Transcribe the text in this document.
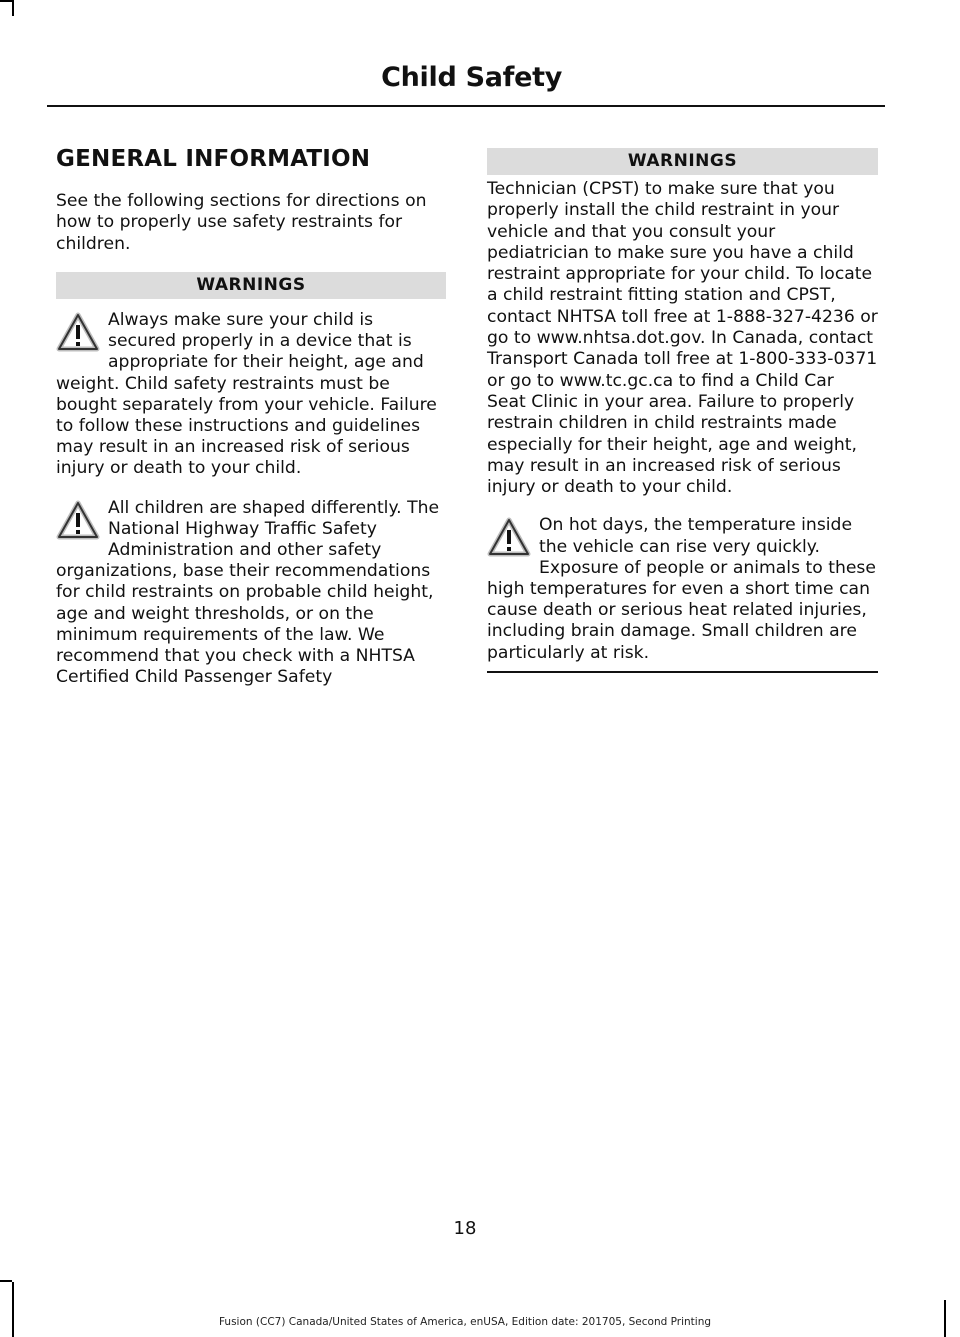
Child Safety
GENERAL INFORMATION

See the following sections for directions on how to properly use safety restraints for children.

WARNINGS
Always make sure your child is secured properly in a device that is appropriate for their height, age and weight. Child safety restraints must be bought separately from your vehicle. Failure to follow these instructions and guidelines may result in an increased risk of serious injury or death to your child.
All children are shaped differently. The National Highway Traffic Safety Administration and other safety organizations, base their recommendations for child restraints on probable child height, age and weight thresholds, or on the minimum requirements of the law. We recommend that you check with a NHTSA Certified Child Passenger Safety
WARNINGS

Technician (CPST) to make sure that you properly install the child restraint in your vehicle and that you consult your pediatrician to make sure you have a child restraint appropriate for your child. To locate a child restraint fitting station and CPST, contact NHTSA toll free at 1-888-327-4236 or go to www.nhtsa.dot.gov. In Canada, contact Transport Canada toll free at 1-800-333-0371 or go to www.tc.gc.ca to find a Child Car Seat Clinic in your area. Failure to properly restrain children in child restraints made especially for their height, age and weight, may result in an increased risk of serious injury or death to your child.

On hot days, the temperature inside the vehicle can rise very quickly. Exposure of people or animals to these high temperatures for even a short time can cause death or serious heat related injuries, including brain damage. Small children are particularly at risk.
18
Fusion (CC7) Canada/United States of America, enUSA, Edition date: 201705, Second Printing
